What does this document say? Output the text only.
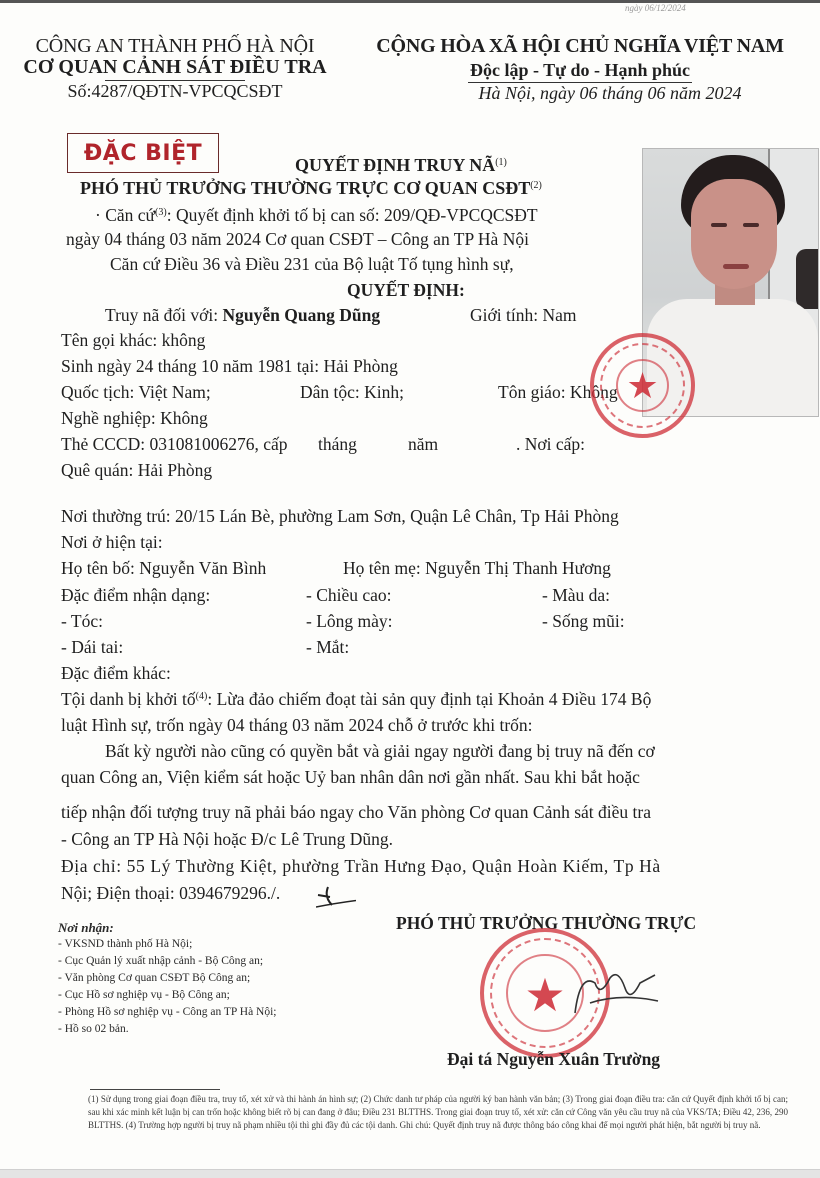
ngày 06/12/2024
CÔNG AN THÀNH PHỐ HÀ NỘI
CƠ QUAN CẢNH SÁT ĐIỀU TRA
Số:4287/QĐTN-VPCQCSĐT
CỘNG HÒA XÃ HỘI CHỦ NGHĨA VIỆT NAM
Độc lập - Tự do - Hạnh phúc
Hà Nội, ngày 06 tháng 06 năm 2024
ĐẶC BIỆT	QUYẾT ĐỊNH TRUY NÃ$^{(1)}$
PHÓ THỦ TRƯỞNG THƯỜNG TRỰC CƠ QUAN $CSĐT^{(2)}$
· Căn cứ$^{(3)}$: Quyết định khởi tố bị can số: 209/QĐ-VPCQCSĐT
ngày 04 tháng 03 năm 2024 Cơ quan CSĐT – Công an TP Hà Nội
Căn cứ Điều 36 và Điều 231 của Bộ luật Tố tụng hình sự,
QUYẾT ĐỊNH:
Truy nã đối với: Nguyễn Quang Dũng	Giới tính: Nam
Tên gọi khác: không
Sinh ngày 24 tháng 10 năm 1981 tại: Hải Phòng
Quốc tịch: Việt Nam;	Dân tộc: Kinh;	Tôn giáo: Không
Nghề nghiệp: Không
Thẻ CCCD: 031081006276, cấp tháng	năm	. Nơi cấp:
Quê quán: Hải Phòng
★
Nơi thường trú: 20/15 Lán Bè, phường Lam Sơn, Quận Lê Chân, Tp Hải Phòng
Nơi ở hiện tại:
Họ tên bố: Nguyễn Văn Bình	Họ tên mẹ: Nguyễn Thị Thanh Hương
Đặc điểm nhận dạng:	- Chiều cao:	- Màu da:
- Tóc:	- Lông mày:	- Sống mũi:
- Dái tai:	- Mắt:
Đặc điểm khác:
Tội danh bị khởi tố$^{(4)}$: Lừa đảo chiếm đoạt tài sản quy định tại Khoản 4 Điều 174 Bộ
luật Hình sự, trốn ngày 04 tháng 03 năm 2024 chỗ ở trước khi trốn:
Bất kỳ người nào cũng có quyền bắt và giải ngay người đang bị truy nã đến cơ
quan Công an, Viện kiểm sát hoặc Uỷ ban nhân dân nơi gần nhất. Sau khi bắt hoặc
tiếp nhận đối tượng truy nã phải báo ngay cho Văn phòng Cơ quan Cảnh sát điều tra
- Công an TP Hà Nội hoặc Đ/c Lê Trung Dũng.
Địa chỉ: 55 Lý Thường Kiệt, phường Trần Hưng Đạo, Quận Hoàn Kiếm, Tp Hà
Nội; Điện thoại: 0394679296./.
Nơi nhận:
- VKSND thành phố Hà Nội;
- Cục Quản lý xuất nhập cảnh - Bộ Công an;
- Văn phòng Cơ quan CSĐT Bộ Công an;
- Cục Hồ sơ nghiệp vụ - Bộ Công an;
- Phòng Hồ sơ nghiệp vụ - Công an TP Hà Nội;
- Hồ so 02 bản.
PHÓ THỦ TRƯỞNG THƯỜNG TRỰC
★
Đại tá Nguyễn Xuân Trường
(1) Sử dụng trong giai đoạn điều tra, truy tố, xét xử và thi hành án hình sự; (2) Chức danh tư pháp của người ký ban hành văn bản; (3) Trong giai đoạn điều tra: căn cứ Quyết định khởi tố bị can; sau khi xác minh kết luận bị can trốn hoặc không biết rõ bị can đang ở đâu; Điều 231 BLTTHS. Trong giai đoạn truy tố, xét xử: căn cứ Công văn yêu cầu truy nã của VKS/TA; Điều 42, 236, 290 BLTTHS. (4) Trường hợp người bị truy nã phạm nhiều tội thì ghi đầy đủ các tội danh. Ghi chú: Quyết định truy nã được thông báo công khai để mọi người phát hiện, bắt người bị truy nã.
